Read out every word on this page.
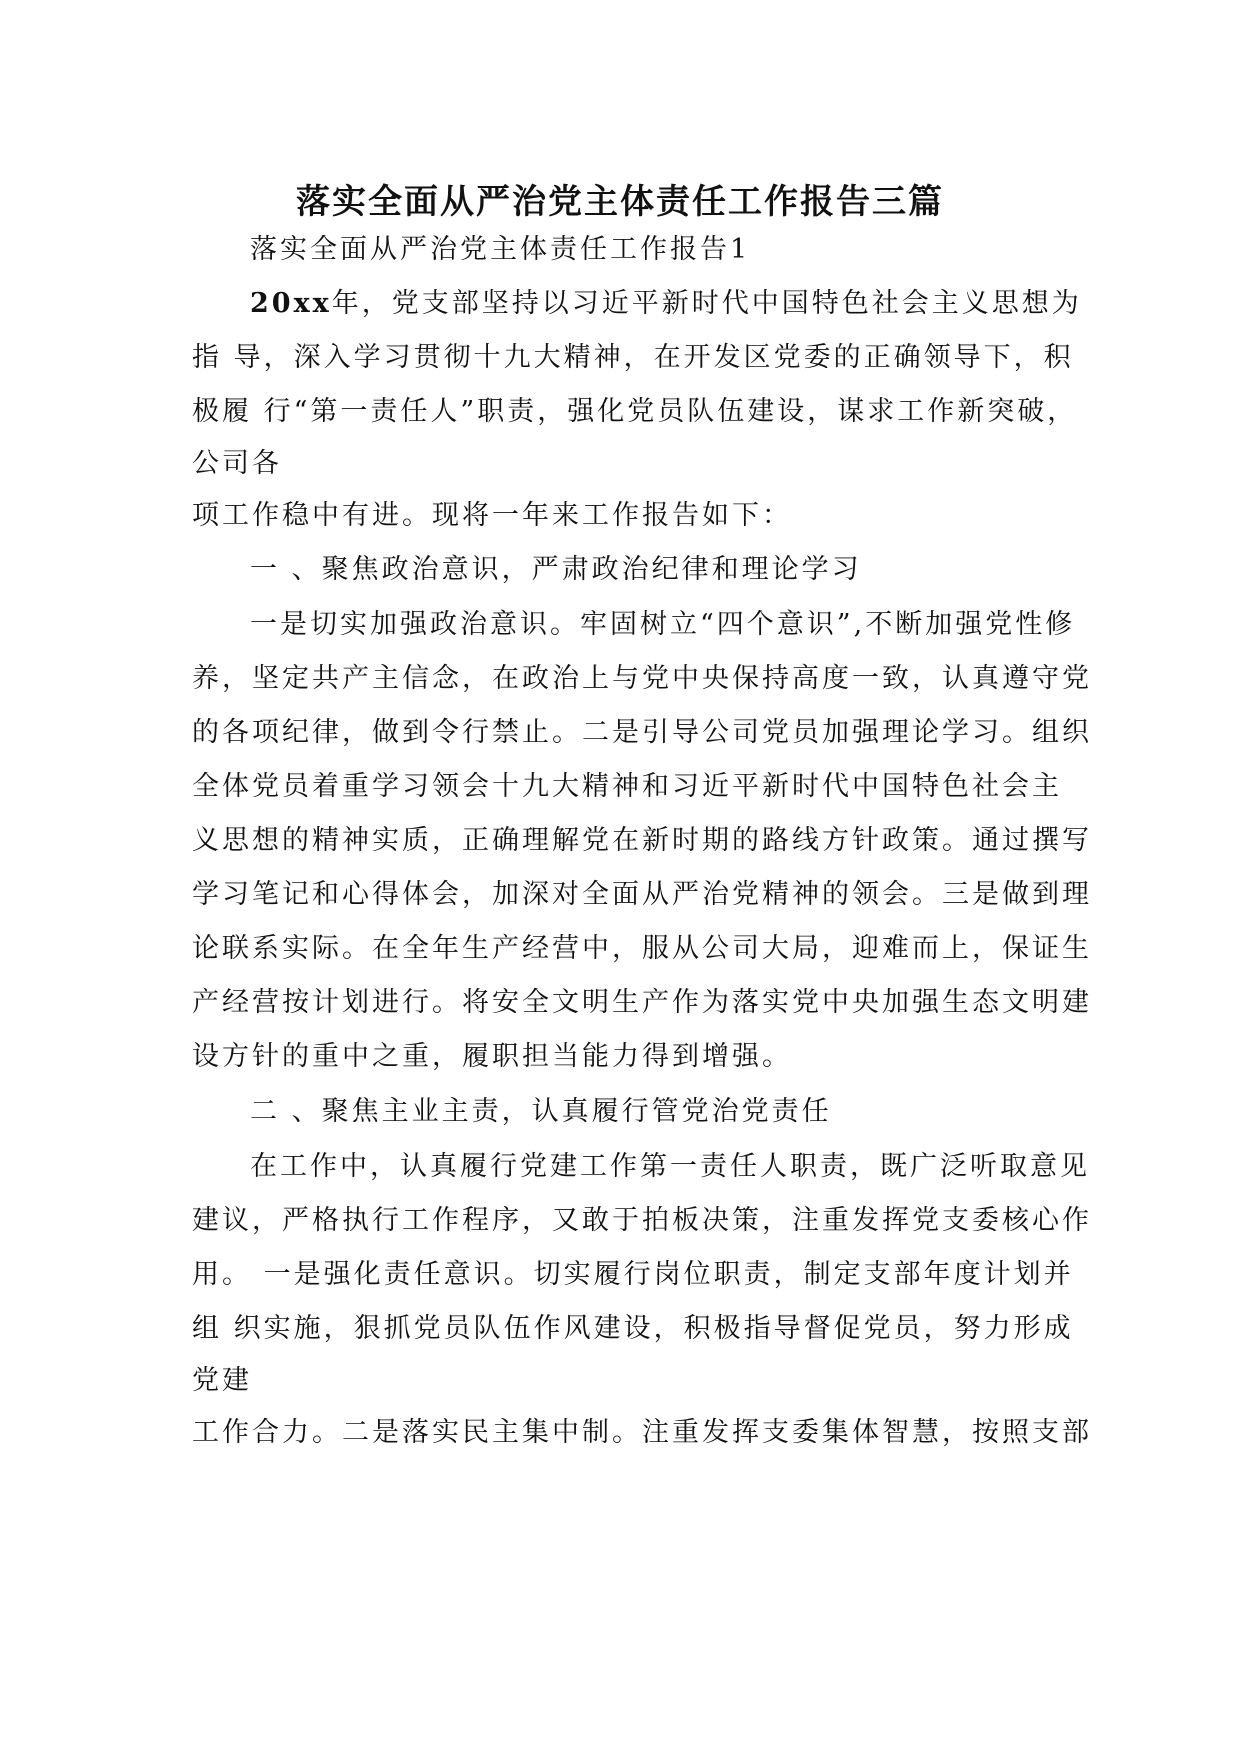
落实全面从严治党主体责任工作报告三篇
落实全面从严治党主体责任工作报告1
20xx年，党支部坚持以习近平新时代中国特色社会主义思想为
指 导，深入学习贯彻十九大精神，在开发区党委的正确领导下，积
极履 行“第一责任人”职责，强化党员队伍建设，谋求工作新突破，
公司各
项工作稳中有进。现将一年来工作报告如下：
一 、聚焦政治意识，严肃政治纪律和理论学习
一是切实加强政治意识。牢固树立“四个意识”,不断加强党性修
养，坚定共产主信念，在政治上与党中央保持高度一致，认真遵守党
的各项纪律，做到令行禁止。二是引导公司党员加强理论学习。组织
全体党员着重学习领会十九大精神和习近平新时代中国特色社会主
义思想的精神实质，正确理解党在新时期的路线方针政策。通过撰写
学习笔记和心得体会，加深对全面从严治党精神的领会。三是做到理
论联系实际。在全年生产经营中，服从公司大局，迎难而上，保证生
产经营按计划进行。将安全文明生产作为落实党中央加强生态文明建
设方针的重中之重，履职担当能力得到增强。
二 、聚焦主业主责，认真履行管党治党责任
在工作中，认真履行党建工作第一责任人职责，既广泛听取意见
建议，严格执行工作程序，又敢于拍板决策，注重发挥党支委核心作
用。 一是强化责任意识。切实履行岗位职责，制定支部年度计划并
组 织实施，狠抓党员队伍作风建设，积极指导督促党员，努力形成
党建
工作合力。二是落实民主集中制。注重发挥支委集体智慧，按照支部
